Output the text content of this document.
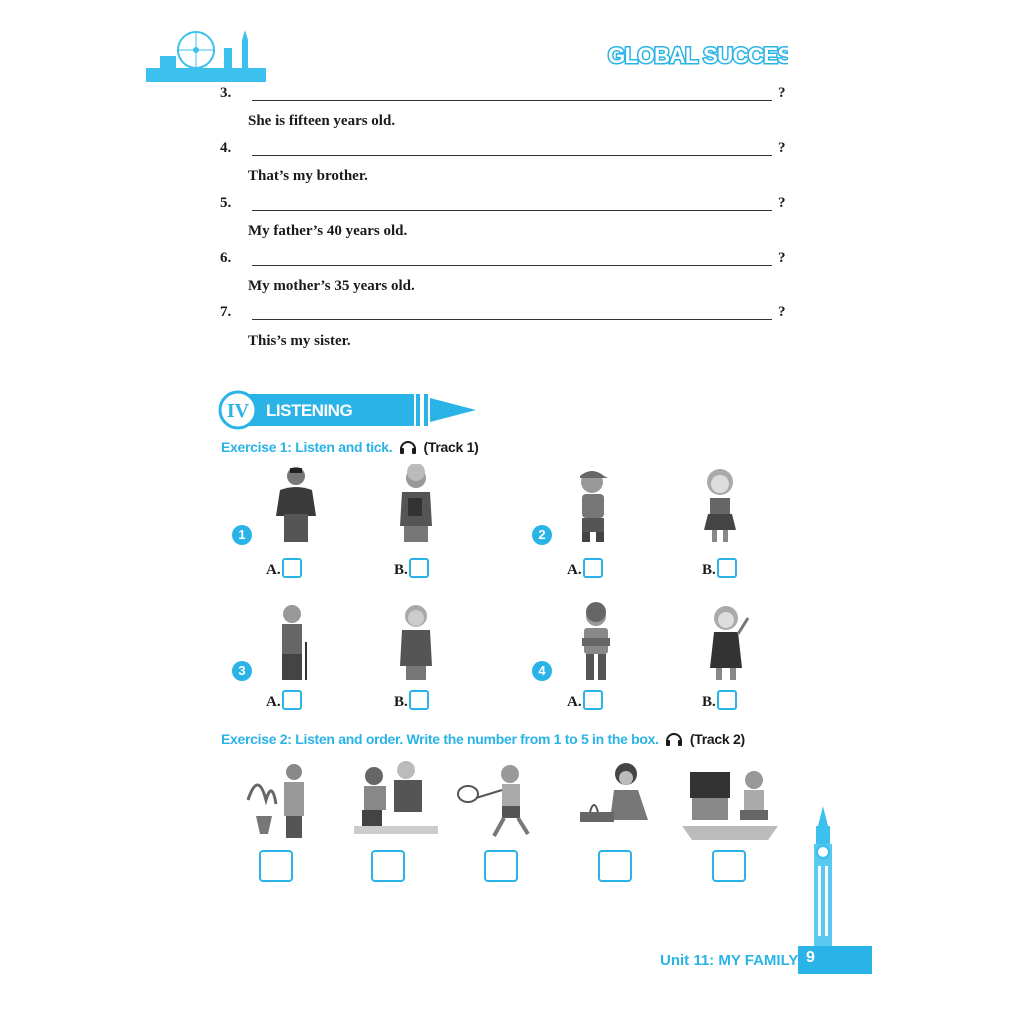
GLOBAL SUCCESS
3.	?
She is fifteen years old.
4.	?
That’s my brother.
5.	?
My father’s 40 years old.
6.	?
My mother’s 35 years old.
7.	?
This’s my sister.
IV LISTENING
Exercise 1: Listen and tick. (Track 1)
1	2
A.	B.	A.	B.
3	4
A.	B.	A.	B.
Exercise 2: Listen and order. Write the number from 1 to 5 in the box. (Track 2)
Unit 11: MY FAMILY 9
